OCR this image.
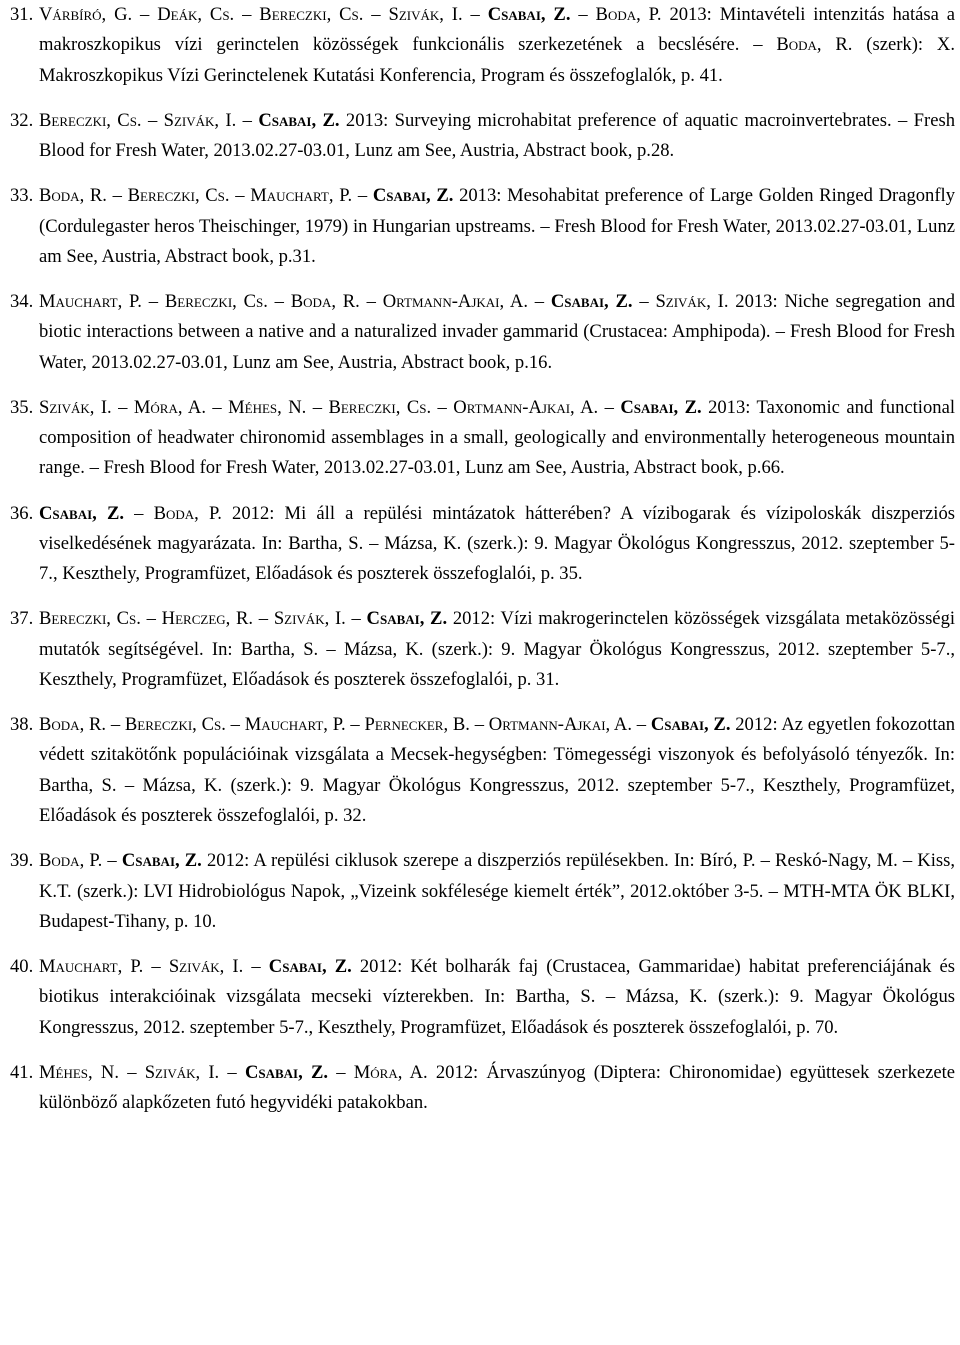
31. Várbíró, G. – Deák, Cs. – Bereczki, Cs. – Szivák, I. – Csabai, Z. – Boda, P. 2013: Mintavételi intenzitás hatása a makroszkopikus vízi gerinctelen közösségek funkcionális szerkezetének a becslésére. – Boda, R. (szerk): X. Makroszkopikus Vízi Gerinctelenek Kutatási Konferencia, Program és összefoglalók, p. 41.
32. Bereczki, Cs. – Szivák, I. – Csabai, Z. 2013: Surveying microhabitat preference of aquatic macroinvertebrates. – Fresh Blood for Fresh Water, 2013.02.27-03.01, Lunz am See, Austria, Abstract book, p.28.
33. Boda, R. – Bereczki, Cs. – Mauchart, P. – Csabai, Z. 2013: Mesohabitat preference of Large Golden Ringed Dragonfly (Cordulegaster heros Theischinger, 1979) in Hungarian upstreams. – Fresh Blood for Fresh Water, 2013.02.27-03.01, Lunz am See, Austria, Abstract book, p.31.
34. Mauchart, P. – Bereczki, Cs. – Boda, R. – Ortmann-Ajkai, A. – Csabai, Z. – Szivák, I. 2013: Niche segregation and biotic interactions between a native and a naturalized invader gammarid (Crustacea: Amphipoda). – Fresh Blood for Fresh Water, 2013.02.27-03.01, Lunz am See, Austria, Abstract book, p.16.
35. Szivák, I. – Móra, A. – Méhes, N. – Bereczki, Cs. – Ortmann-Ajkai, A. – Csabai, Z. 2013: Taxonomic and functional composition of headwater chironomid assemblages in a small, geologically and environmentally heterogeneous mountain range. – Fresh Blood for Fresh Water, 2013.02.27-03.01, Lunz am See, Austria, Abstract book, p.66.
36. Csabai, Z. – Boda, P. 2012: Mi áll a repülési mintázatok hátterében? A vízibogarak és vízipoloskák diszperziós viselkedésének magyarázata. In: Bartha, S. – Mázsa, K. (szerk.): 9. Magyar Ökológus Kongresszus, 2012. szeptember 5-7., Keszthely, Programfüzet, Előadások és poszterek összefoglalói, p. 35.
37. Bereczki, Cs. – Herczeg, R. – Szivák, I. – Csabai, Z. 2012: Vízi makrogerinctelen közösségek vizsgálata metaközösségi mutatók segítségével. In: Bartha, S. – Mázsa, K. (szerk.): 9. Magyar Ökológus Kongresszus, 2012. szeptember 5-7., Keszthely, Programfüzet, Előadások és poszterek összefoglalói, p. 31.
38. Boda, R. – Bereczki, Cs. – Mauchart, P. – Pernecker, B. – Ortmann-Ajkai, A. – Csabai, Z. 2012: Az egyetlen fokozottan védett szitakötőnk populációinak vizsgálata a Mecsek-hegységben: Tömegességi viszonyok és befolyásoló tényezők. In: Bartha, S. – Mázsa, K. (szerk.): 9. Magyar Ökológus Kongresszus, 2012. szeptember 5-7., Keszthely, Programfüzet, Előadások és poszterek összefoglalói, p. 32.
39. Boda, P. – Csabai, Z. 2012: A repülési ciklusok szerepe a diszperziós repülésekben. In: Bíró, P. – Reskó-Nagy, M. – Kiss, K.T. (szerk.): LVI Hidrobiológus Napok, „Vizeink sokfélesége kiemelt érték”, 2012.október 3-5. – MTH-MTA ÖK BLKI, Budapest-Tihany, p. 10.
40. Mauchart, P. – Szivák, I. – Csabai, Z. 2012: Két bolharák faj (Crustacea, Gammaridae) habitat preferenciájának és biotikus interakcióinak vizsgálata mecseki vízterekben. In: Bartha, S. – Mázsa, K. (szerk.): 9. Magyar Ökológus Kongresszus, 2012. szeptember 5-7., Keszthely, Programfüzet, Előadások és poszterek összefoglalói, p. 70.
41. Méhes, N. – Szivák, I. – Csabai, Z. – Móra, A. 2012: Árvaszúnyog (Diptera: Chironomidae) együttesek szerkezete különböző alapkőzeten futó hegyvidéki patakokban.
